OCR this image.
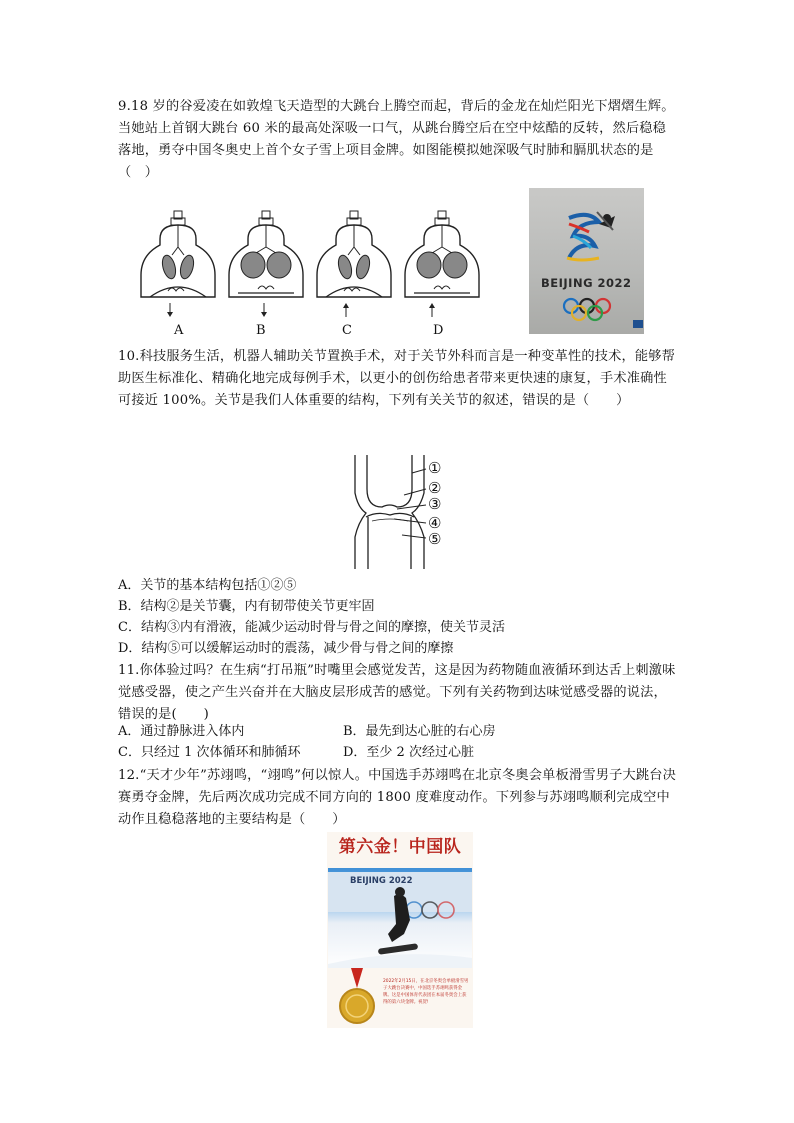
9.18 岁的谷爱凌在如敦煌飞天造型的大跳台上腾空而起，背后的金龙在灿烂阳光下熠熠生辉。当她站上首钢大跳台 60 米的最高处深吸一口气，从跳台腾空后在空中炫酷的反转，然后稳稳落地，勇夺中国冬奥史上首个女子雪上项目金牌。如图能模拟她深吸气时肺和膈肌状态的是（　）

A	B	C	D
BEIJING 2022

10.科技服务生活，机器人辅助关节置换手术，对于关节外科而言是一种变革性的技术，能够帮助医生标准化、精确化地完成每例手术，以更小的创伤给患者带来更快速的康复，手术准确性可接近 100%。关节是我们人体重要的结构，下列有关关节的叙述，错误的是（　　）

①
②
③
④
⑤

A．关节的基本结构包括①②⑤

B．结构②是关节囊，内有韧带使关节更牢固

C．结构③内有滑液，能减少运动时骨与骨之间的摩擦，使关节灵活

D．结构⑤可以缓解运动时的震荡，减少骨与骨之间的摩擦

11.你体验过吗？在生病“打吊瓶”时嘴里会感觉发苦，这是因为药物随血液循环到达舌上刺激味觉感受器，使之产生兴奋并在大脑皮层形成苦的感觉。下列有关药物到达味觉感受器的说法，错误的是(　　)

A．通过静脉进入体内	B．最先到达心脏的右心房

C．只经过 1 次体循环和肺循环	D．至少 2 次经过心脏

12.“天才少年”苏翊鸣，“翊鸣”何以惊人。中国选手苏翊鸣在北京冬奥会单板滑雪男子大跳台决赛勇夺金牌，先后两次成功完成不同方向的 1800 度难度动作。下列参与苏翊鸣顺利完成空中动作且稳稳落地的主要结构是（　　）

第六金！中国队
BEIJING 2022
2022年2月15日，在北京冬奥会单板滑雪男子大跳台决赛中，中国选手苏翊鸣获得金牌。这是中国体育代表团在本届冬奥会上获得的第六块金牌。祝贺!
